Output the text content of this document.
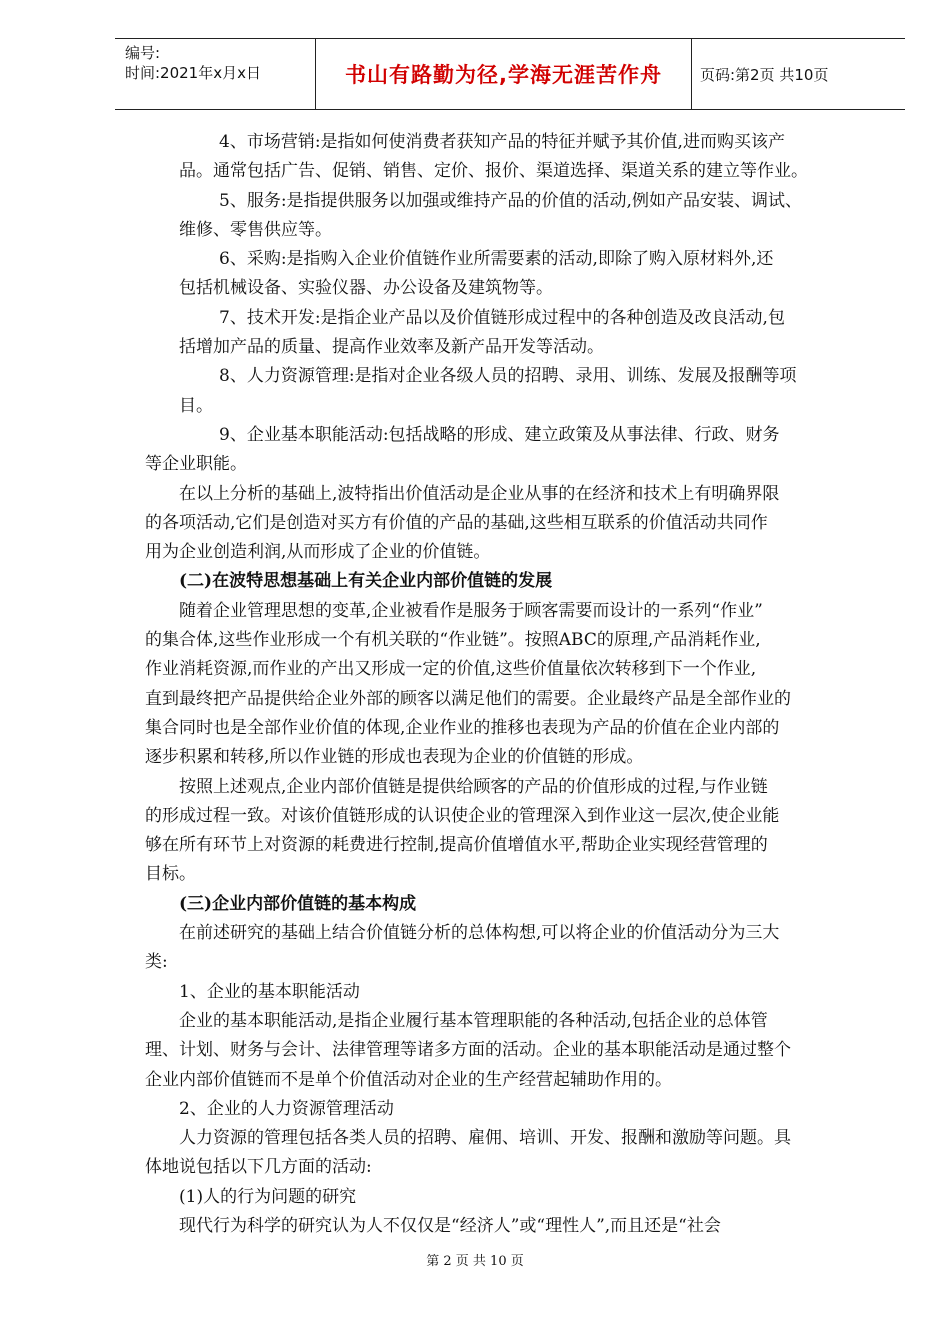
编号:
时间:2021年x月x日	书山有路勤为径,学海无涯苦作舟	页码:第2页 共10页
4、市场营销:是指如何使消费者获知产品的特征并赋予其价值,进而购买该产
品。通常包括广告、促销、销售、定价、报价、渠道选择、渠道关系的建立等作业。
5、服务:是指提供服务以加强或维持产品的价值的活动,例如产品安装、调试、
维修、零售供应等。
6、采购:是指购入企业价值链作业所需要素的活动,即除了购入原材料外,还
包括机械设备、实验仪器、办公设备及建筑物等。
7、技术开发:是指企业产品以及价值链形成过程中的各种创造及改良活动,包
括增加产品的质量、提高作业效率及新产品开发等活动。
8、人力资源管理:是指对企业各级人员的招聘、录用、训练、发展及报酬等项
目。
9、企业基本职能活动:包括战略的形成、建立政策及从事法律、行政、财务
等企业职能。
在以上分析的基础上,波特指出价值活动是企业从事的在经济和技术上有明确界限
的各项活动,它们是创造对买方有价值的产品的基础,这些相互联系的价值活动共同作
用为企业创造利润,从而形成了企业的价值链。
(二)在波特思想基础上有关企业内部价值链的发展
随着企业管理思想的变革,企业被看作是服务于顾客需要而设计的一系列“作业”
的集合体,这些作业形成一个有机关联的“作业链”。按照ABC的原理,产品消耗作业,
作业消耗资源,而作业的产出又形成一定的价值,这些价值量依次转移到下一个作业,
直到最终把产品提供给企业外部的顾客以满足他们的需要。企业最终产品是全部作业的
集合同时也是全部作业价值的体现,企业作业的推移也表现为产品的价值在企业内部的
逐步积累和转移,所以作业链的形成也表现为企业的价值链的形成。
按照上述观点,企业内部价值链是提供给顾客的产品的价值形成的过程,与作业链
的形成过程一致。对该价值链形成的认识使企业的管理深入到作业这一层次,使企业能
够在所有环节上对资源的耗费进行控制,提高价值增值水平,帮助企业实现经营管理的
目标。
(三)企业内部价值链的基本构成
在前述研究的基础上结合价值链分析的总体构想,可以将企业的价值活动分为三大
类:
1、企业的基本职能活动
企业的基本职能活动,是指企业履行基本管理职能的各种活动,包括企业的总体管
理、计划、财务与会计、法律管理等诸多方面的活动。企业的基本职能活动是通过整个
企业内部价值链而不是单个价值活动对企业的生产经营起辅助作用的。
2、企业的人力资源管理活动
人力资源的管理包括各类人员的招聘、雇佣、培训、开发、报酬和激励等问题。具
体地说包括以下几方面的活动:
(1)人的行为问题的研究
现代行为科学的研究认为人不仅仅是“经济人”或“理性人”,而且还是“社会
第 2 页 共 10 页
